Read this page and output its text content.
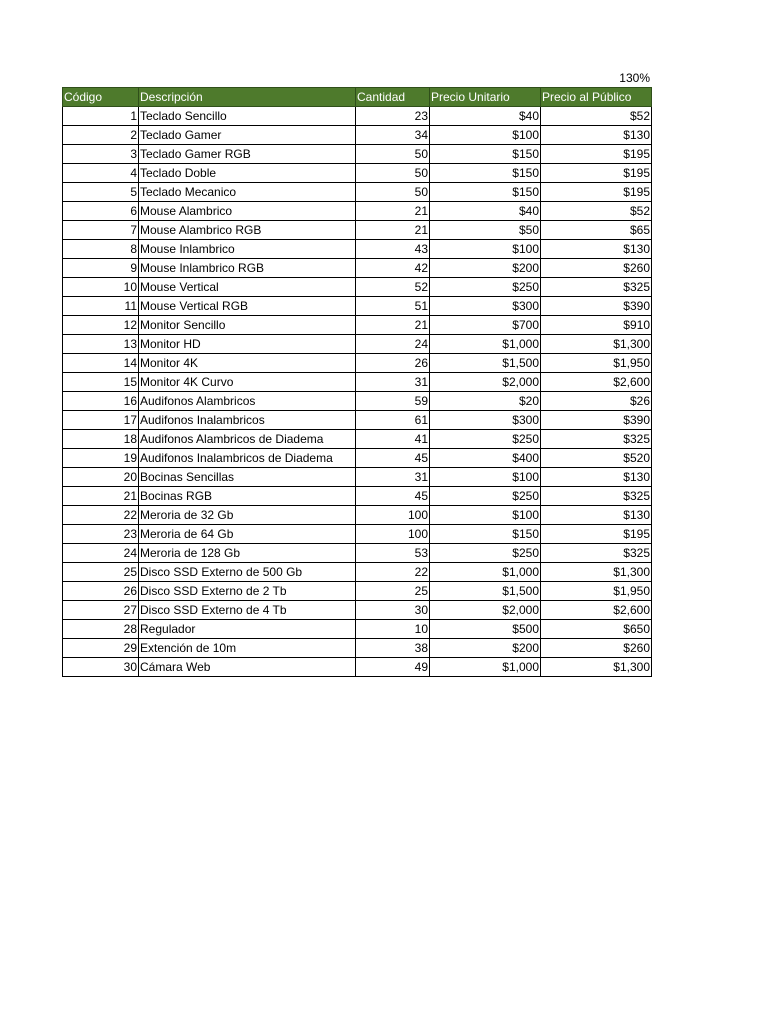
130%
Código	Descripción	Cantidad	Precio Unitario	Precio al Público
1	Teclado Sencillo	23	$40	$52
2	Teclado Gamer	34	$100	$130
3	Teclado Gamer RGB	50	$150	$195
4	Teclado Doble	50	$150	$195
5	Teclado Mecanico	50	$150	$195
6	Mouse Alambrico	21	$40	$52
7	Mouse Alambrico RGB	21	$50	$65
8	Mouse Inlambrico	43	$100	$130
9	Mouse Inlambrico RGB	42	$200	$260
10	Mouse Vertical	52	$250	$325
11	Mouse Vertical RGB	51	$300	$390
12	Monitor Sencillo	21	$700	$910
13	Monitor HD	24	$1,000	$1,300
14	Monitor 4K	26	$1,500	$1,950
15	Monitor 4K Curvo	31	$2,000	$2,600
16	Audifonos Alambricos	59	$20	$26
17	Audifonos Inalambricos	61	$300	$390
18	Audifonos Alambricos de Diadema	41	$250	$325
19	Audifonos Inalambricos de Diadema	45	$400	$520
20	Bocinas Sencillas	31	$100	$130
21	Bocinas RGB	45	$250	$325
22	Meroria de 32 Gb	100	$100	$130
23	Meroria de 64 Gb	100	$150	$195
24	Meroria de 128 Gb	53	$250	$325
25	Disco SSD Externo de 500 Gb	22	$1,000	$1,300
26	Disco SSD Externo de 2 Tb	25	$1,500	$1,950
27	Disco SSD Externo de 4 Tb	30	$2,000	$2,600
28	Regulador	10	$500	$650
29	Extención de 10m	38	$200	$260
30	Cámara Web	49	$1,000	$1,300
